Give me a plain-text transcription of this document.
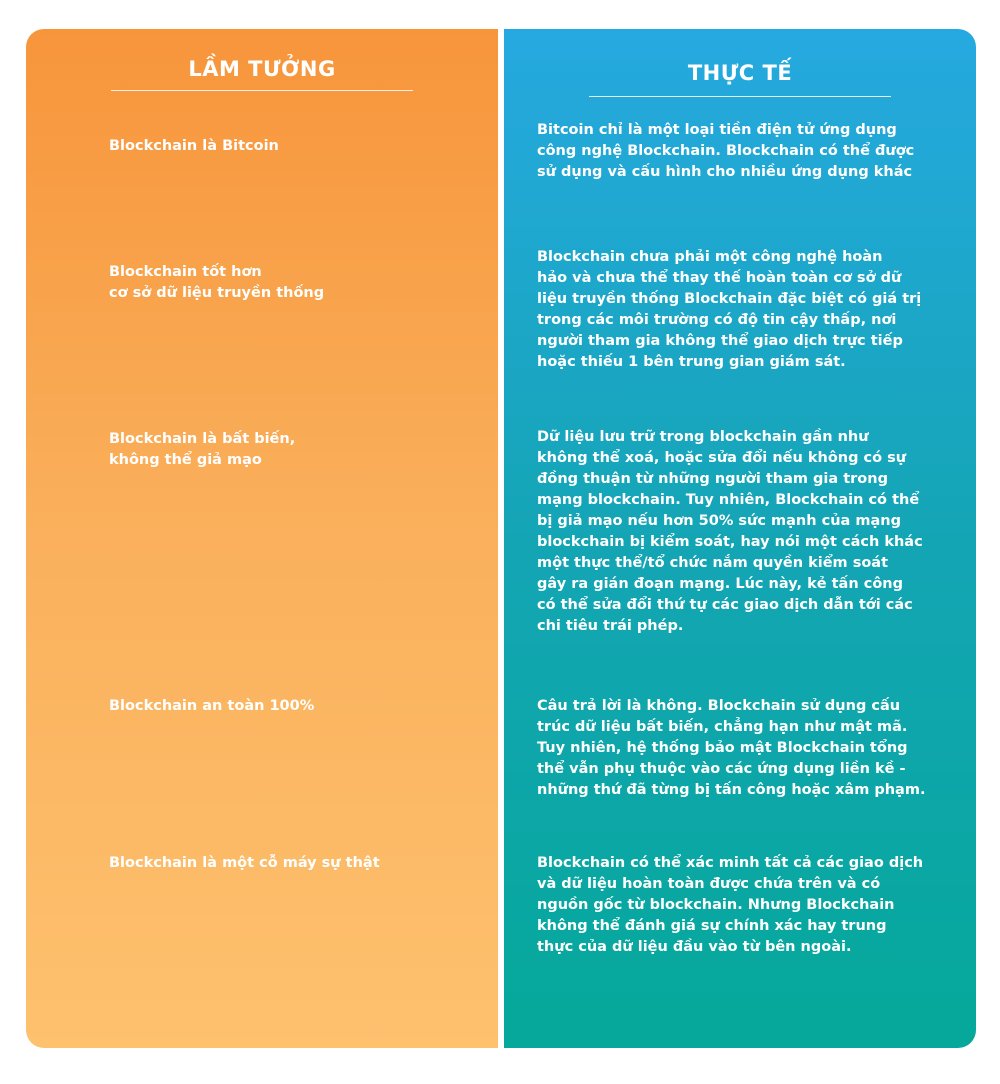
LẦM TƯỞNG

Blockchain là Bitcoin

Blockchain tốt hơn
cơ sở dữ liệu truyền thống

Blockchain là bất biến,
không thể giả mạo

Blockchain an toàn 100%

Blockchain là một cỗ máy sự thật

THỰC TẾ

Bitcoin chỉ là một loại tiền điện tử ứng dụng
công nghệ Blockchain. Blockchain có thể được
sử dụng và cấu hình cho nhiều ứng dụng khác

Blockchain chưa phải một công nghệ hoàn
hảo và chưa thể thay thế hoàn toàn cơ sở dữ
liệu truyền thống Blockchain đặc biệt có giá trị
trong các môi trường có độ tin cậy thấp, nơi
người tham gia không thể giao dịch trực tiếp
hoặc thiếu 1 bên trung gian giám sát.

Dữ liệu lưu trữ trong blockchain gần như
không thể xoá, hoặc sửa đổi nếu không có sự
đồng thuận từ những người tham gia trong
mạng blockchain. Tuy nhiên, Blockchain có thể
bị giả mạo nếu hơn 50% sức mạnh của mạng
blockchain bị kiểm soát, hay nói một cách khác
một thực thể/tổ chức nắm quyền kiểm soát
gây ra gián đoạn mạng. Lúc này, kẻ tấn công
có thể sửa đổi thứ tự các giao dịch dẫn tới các
chi tiêu trái phép.

Câu trả lời là không. Blockchain sử dụng cấu
trúc dữ liệu bất biến, chẳng hạn như mật mã.
Tuy nhiên, hệ thống bảo mật Blockchain tổng
thể vẫn phụ thuộc vào các ứng dụng liền kề -
những thứ đã từng bị tấn công hoặc xâm phạm.

Blockchain có thể xác minh tất cả các giao dịch
và dữ liệu hoàn toàn được chứa trên và có
nguồn gốc từ blockchain. Nhưng Blockchain
không thể đánh giá sự chính xác hay trung
thực của dữ liệu đầu vào từ bên ngoài.
